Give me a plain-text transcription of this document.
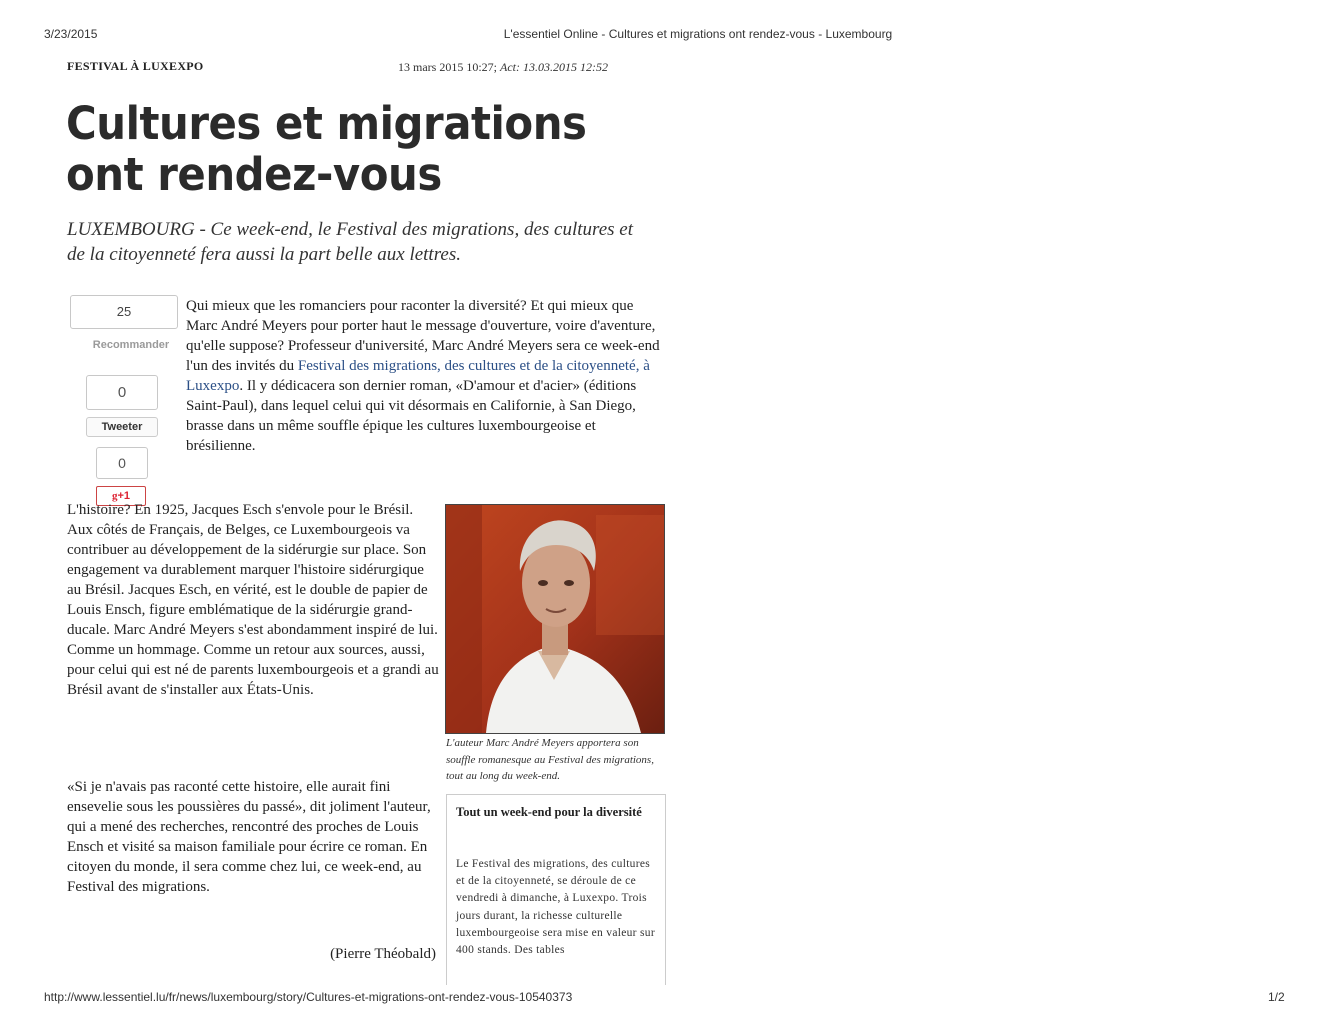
3/23/2015	L'essentiel Online - Cultures et migrations ont rendez-vous - Luxembourg
FESTIVAL À LUXEXPO	13 mars 2015 10:27; Act: 13.03.2015 12:52
Cultures et migrations ont rendez-vous

LUXEMBOURG - Ce week-end, le Festival des migrations, des cultures et de la citoyenneté fera aussi la part belle aux lettres.

25
Recommander
0
Tweeter
0
g+1

Qui mieux que les romanciers pour raconter la diversité? Et qui mieux que Marc André Meyers pour porter haut le message d'ouverture, voire d'aventure, qu'elle suppose? Professeur d'université, Marc André Meyers sera ce week-end l'un des invités du Festival des migrations, des cultures et de la citoyenneté, à Luxexpo. Il y dédicacera son dernier roman, «D'amour et d'acier» (éditions Saint-Paul), dans lequel celui qui vit désormais en Californie, à San Diego, brasse dans un même souffle épique les cultures luxembourgeoise et brésilienne.

L'auteur Marc André Meyers apportera son souffle romanesque au Festival des migrations, tout au long du week-end.

L'histoire? En 1925, Jacques Esch s'envole pour le Brésil. Aux côtés de Français, de Belges, ce Luxembourgeois va contribuer au développement de la sidérurgie sur place. Son engagement va durablement marquer l'histoire sidérurgique au Brésil. Jacques Esch, en vérité, est le double de papier de Louis Ensch, figure emblématique de la sidérurgie grand-ducale. Marc André Meyers s'est abondamment inspiré de lui. Comme un hommage. Comme un retour aux sources, aussi, pour celui qui est né de parents luxembourgeois et a grandi au Brésil avant de s'installer aux États-Unis.

«Si je n'avais pas raconté cette histoire, elle aurait fini ensevelie sous les poussières du passé», dit joliment l'auteur, qui a mené des recherches, rencontré des proches de Louis Ensch et visité sa maison familiale pour écrire ce roman. En citoyen du monde, il sera comme chez lui, ce week-end, au Festival des migrations.

(Pierre Théobald)

Tout un week-end pour la diversité

Le Festival des migrations, des cultures et de la citoyenneté, se déroule de ce vendredi à dimanche, à Luxexpo. Trois jours durant, la richesse culturelle luxembourgeoise sera mise en valeur sur 400 stands. Des tables

http://www.lessentiel.lu/fr/news/luxembourg/story/Cultures-et-migrations-ont-rendez-vous-10540373	1/2
